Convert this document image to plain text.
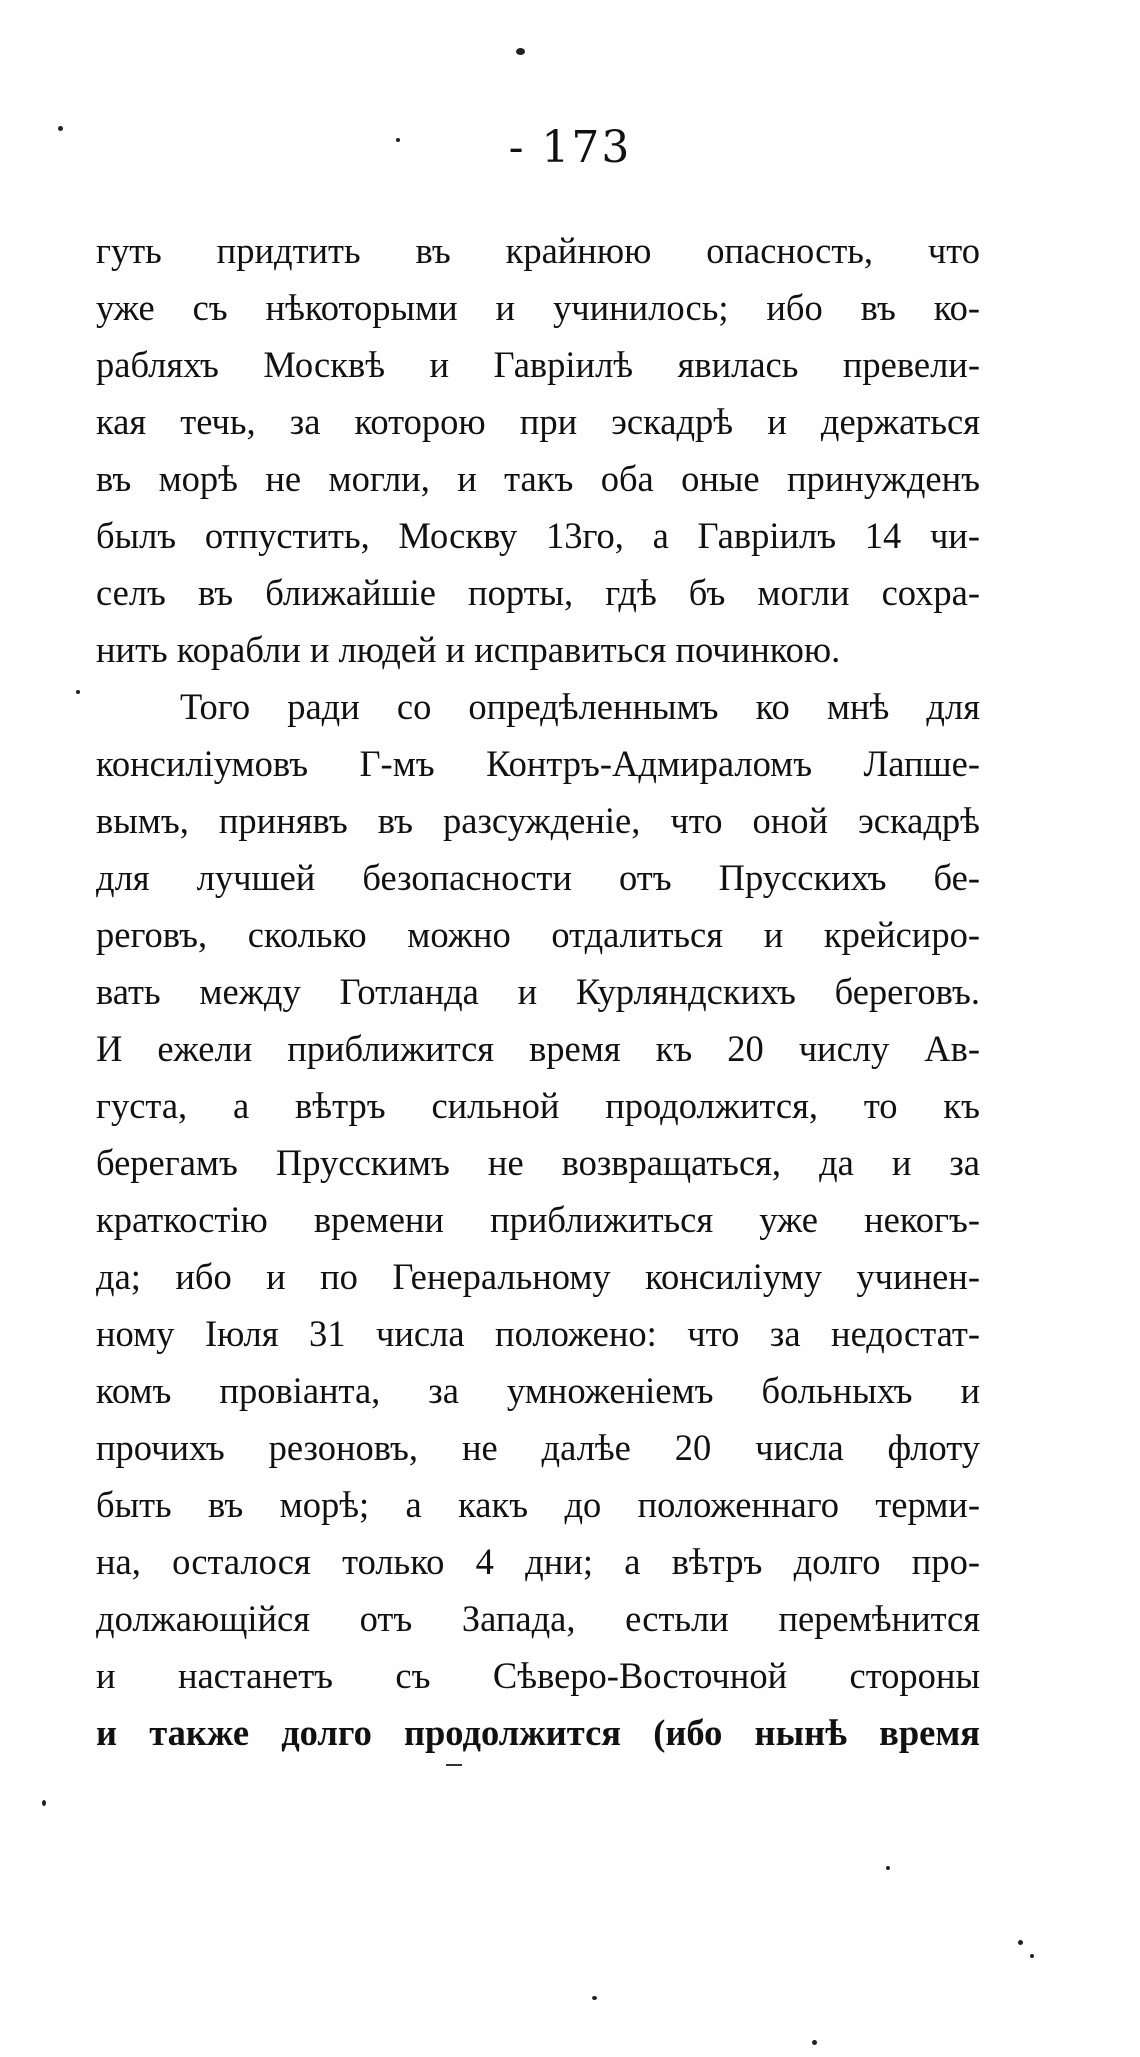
- 173
гуть придтить въ крайнюю опасность, что
уже съ нѣкоторыми и учинилось; ибо въ ко-
рабляхъ Москвѣ и Гавріилѣ явилась превели-
кая течь, за которою при эскадрѣ и держаться
въ морѣ не могли, и такъ оба оные принужденъ
былъ отпустить, Москву 13го, а Гавріилъ 14 чи-
селъ въ ближайшіе порты, гдѣ бъ могли сохра-
нить корабли и людей и исправиться починкою.
Того ради со опредѣленнымъ ко мнѣ для
консиліумовъ Г-мъ Контръ-Адмираломъ Лапше-
вымъ, принявъ въ разсужденіе, что оной эскадрѣ
для лучшей безопасности отъ Прусскихъ бе-
реговъ, сколько можно отдалиться и крейсиро-
вать между Готланда и Курляндскихъ береговъ.
И ежели приближится время къ 20 числу Ав-
густа, а вѣтръ сильной продолжится, то къ
берегамъ Прусскимъ не возвращаться, да и за
краткостію времени приближиться уже некогъ-
да; ибо и по Генеральному консиліуму учинен-
ному Іюля 31 числа положено: что за недостат-
комъ провіанта, за умноженіемъ больныхъ и
прочихъ резоновъ, не далѣе 20 числа флоту
быть въ морѣ; а какъ до положеннаго терми-
на, осталося только 4 дни; а вѣтръ долго про-
должающійся отъ Запада, естьли перемѣнится
и настанетъ съ Сѣверо-Восточной стороны
и также долго продолжится (ибо нынѣ время
